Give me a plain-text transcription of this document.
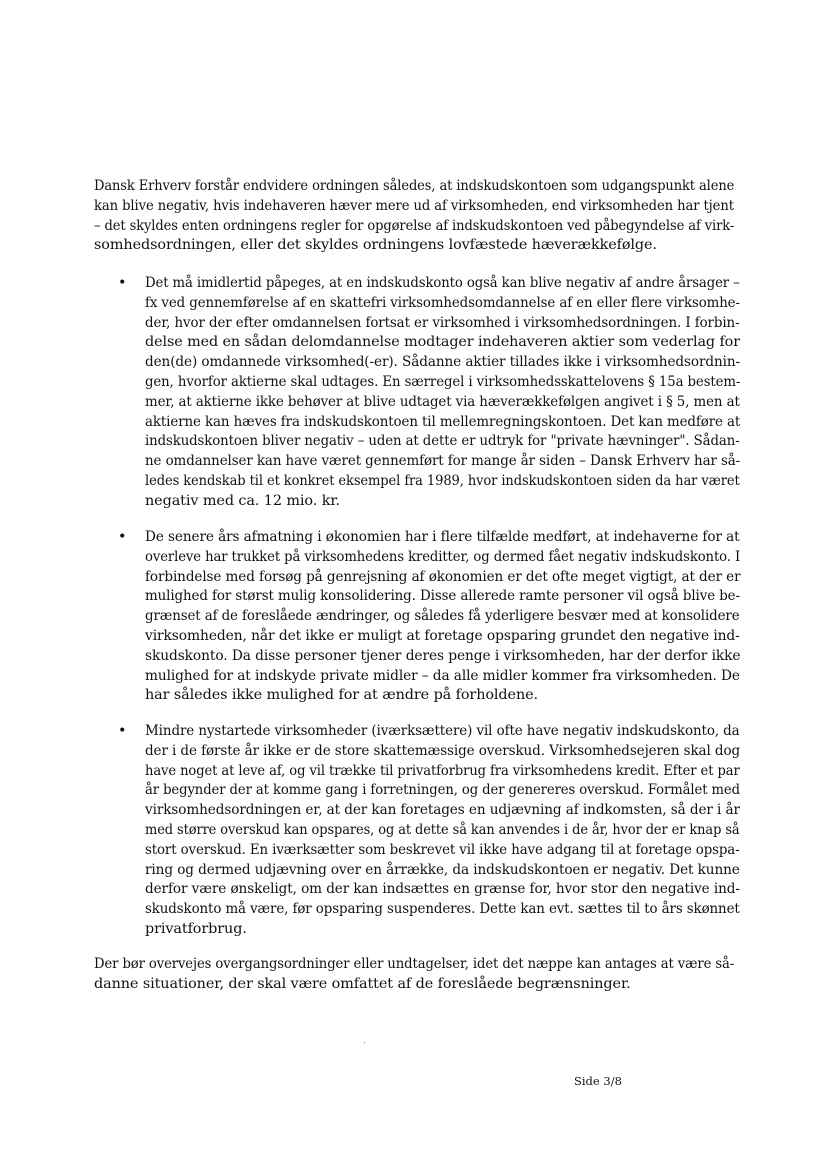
Dansk Erhverv forstår endvidere ordningen således, at indskudskontoen som udgangspunkt alene
kan blive negativ, hvis indehaveren hæver mere ud af virksomheden, end virksomheden har tjent
– det skyldes enten ordningens regler for opgørelse af indskudskontoen ved påbegyndelse af virk-
somhedsordningen, eller det skyldes ordningens lovfæstede hæverækkefølge.
• Det må imidlertid påpeges, at en indskudskonto også kan blive negativ af andre årsager –
fx ved gennemførelse af en skattefri virksomhedsomdannelse af en eller flere virksomhe-
der, hvor der efter omdannelsen fortsat er virksomhed i virksomhedsordningen. I forbin-
delse med en sådan delomdannelse modtager indehaveren aktier som vederlag for
den(de) omdannede virksomhed(-er). Sådanne aktier tillades ikke i virksomhedsordnin-
gen, hvorfor aktierne skal udtages. En særregel i virksomhedsskattelovens § 15a bestem-
mer, at aktierne ikke behøver at blive udtaget via hæverækkefølgen angivet i § 5, men at
aktierne kan hæves fra indskudskontoen til mellemregningskontoen. Det kan medføre at
indskudskontoen bliver negativ – uden at dette er udtryk for "private hævninger". Sådan-
ne omdannelser kan have været gennemført for mange år siden – Dansk Erhverv har så-
ledes kendskab til et konkret eksempel fra 1989, hvor indskudskontoen siden da har været
negativ med ca. 12 mio. kr.
• De senere års afmatning i økonomien har i flere tilfælde medført, at indehaverne for at
overleve har trukket på virksomhedens kreditter, og dermed fået negativ indskudskonto. I
forbindelse med forsøg på genrejsning af økonomien er det ofte meget vigtigt, at der er
mulighed for størst mulig konsolidering. Disse allerede ramte personer vil også blive be-
grænset af de foreslåede ændringer, og således få yderligere besvær med at konsolidere
virksomheden, når det ikke er muligt at foretage opsparing grundet den negative ind-
skudskonto. Da disse personer tjener deres penge i virksomheden, har der derfor ikke
mulighed for at indskyde private midler – da alle midler kommer fra virksomheden. De
har således ikke mulighed for at ændre på forholdene.
• Mindre nystartede virksomheder (iværksættere) vil ofte have negativ indskudskonto, da
der i de første år ikke er de store skattemæssige overskud. Virksomhedsejeren skal dog
have noget at leve af, og vil trække til privatforbrug fra virksomhedens kredit. Efter et par
år begynder der at komme gang i forretningen, og der genereres overskud. Formålet med
virksomhedsordningen er, at der kan foretages en udjævning af indkomsten, så der i år
med større overskud kan opspares, og at dette så kan anvendes i de år, hvor der er knap så
stort overskud. En iværksætter som beskrevet vil ikke have adgang til at foretage opspa-
ring og dermed udjævning over en årrække, da indskudskontoen er negativ. Det kunne
derfor være ønskeligt, om der kan indsættes en grænse for, hvor stor den negative ind-
skudskonto må være, før opsparing suspenderes. Dette kan evt. sættes til to års skønnet
privatforbrug.
Der bør overvejes overgangsordninger eller undtagelser, idet det næppe kan antages at være så-
danne situationer, der skal være omfattet af de foreslåede begrænsninger.
Side 3/8
